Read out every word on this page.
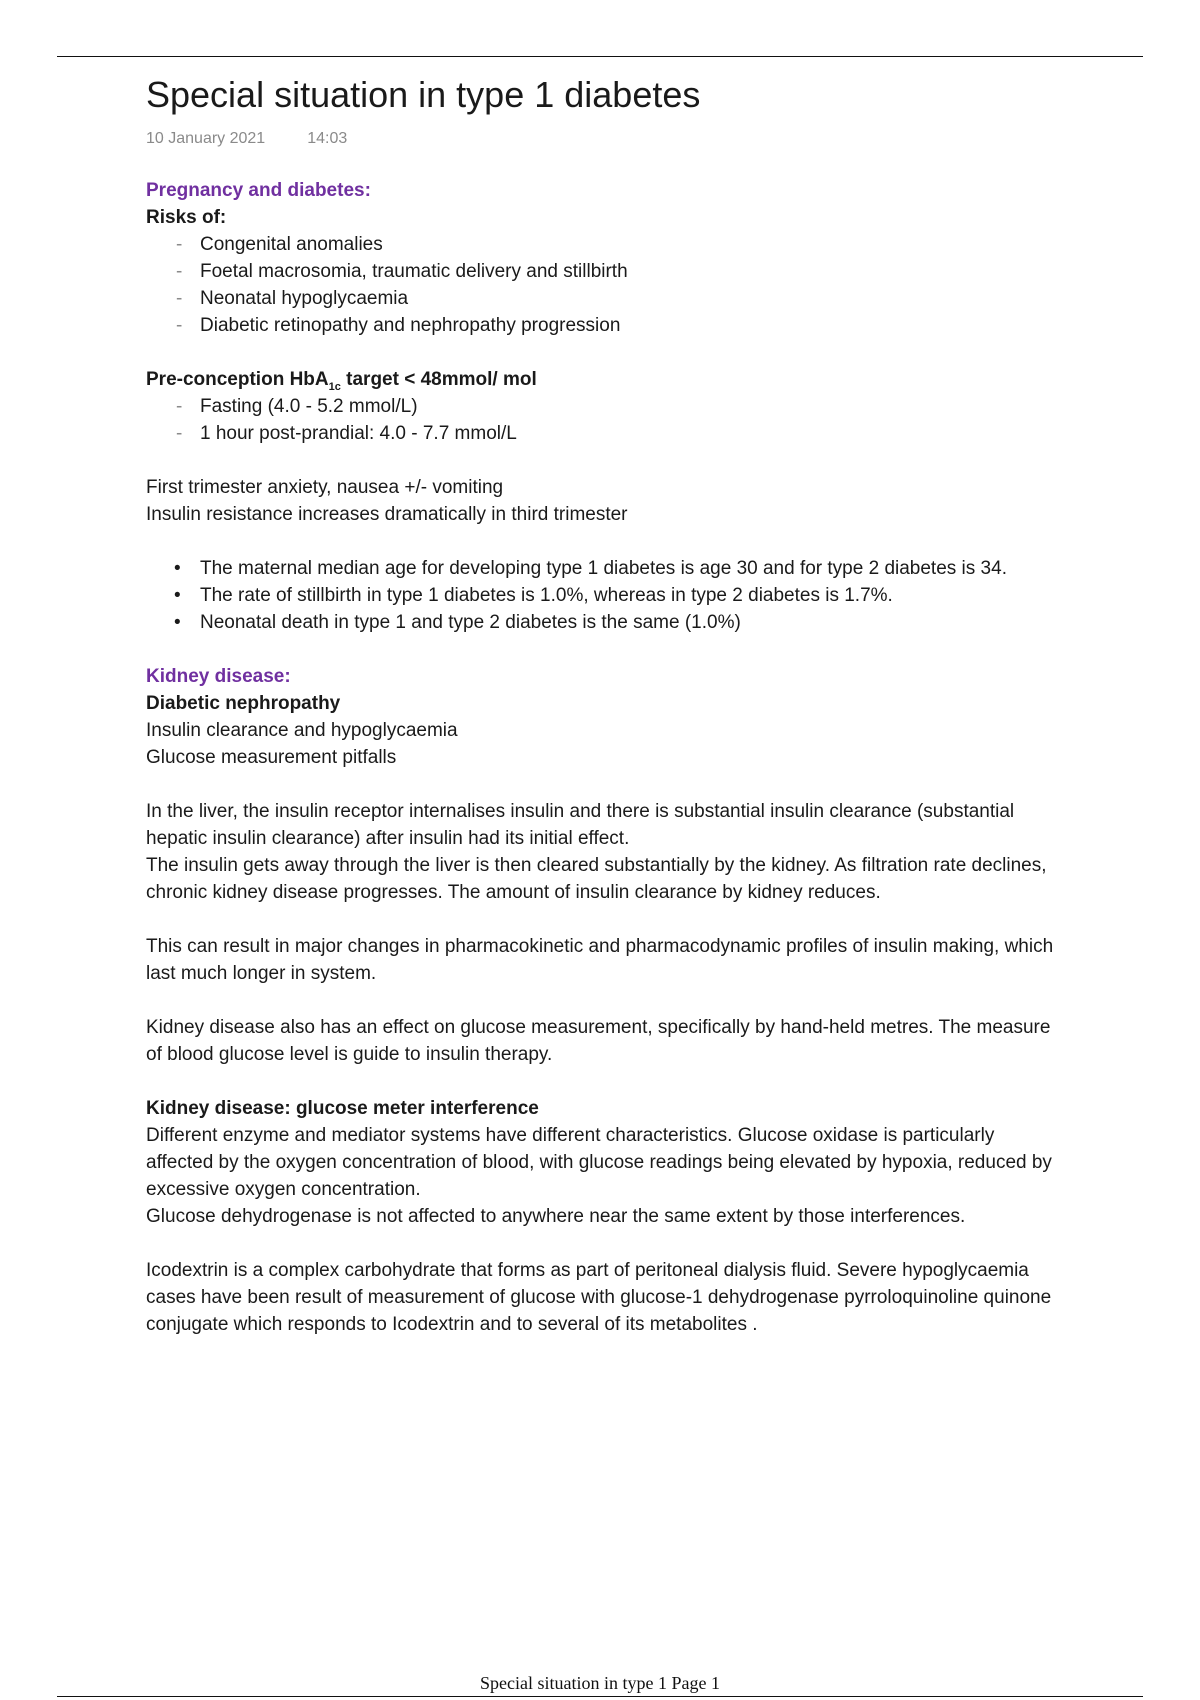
Special situation in type 1 diabetes
10 January 2021	14:03

Pregnancy and diabetes:

Risks of:

- Congenital anomalies
- Foetal macrosomia, traumatic delivery and stillbirth
- Neonatal hypoglycaemia
- Diabetic retinopathy and nephropathy progression

Pre-conception HbA$_{1c}$ target < 48mmol/ mol

- Fasting (4.0 - 5.2 mmol/L)
- 1 hour post-prandial: 4.0 - 7.7 mmol/L

First trimester anxiety, nausea +/- vomiting

Insulin resistance increases dramatically in third trimester

• The maternal median age for developing type 1 diabetes is age 30 and for type 2 diabetes is 34.
• The rate of stillbirth in type 1 diabetes is 1.0%, whereas in type 2 diabetes is 1.7%.
• Neonatal death in type 1 and type 2 diabetes is the same (1.0%)

Kidney disease:

Diabetic nephropathy

Insulin clearance and hypoglycaemia

Glucose measurement pitfalls

In the liver, the insulin receptor internalises insulin and there is substantial insulin clearance (substantial hepatic insulin clearance) after insulin had its initial effect.

The insulin gets away through the liver is then cleared substantially by the kidney. As filtration rate declines, chronic kidney disease progresses. The amount of insulin clearance by kidney reduces.

This can result in major changes in pharmacokinetic and pharmacodynamic profiles of insulin making, which last much longer in system.

Kidney disease also has an effect on glucose measurement, specifically by hand-held metres. The measure of blood glucose level is guide to insulin therapy.

Kidney disease: glucose meter interference

Different enzyme and mediator systems have different characteristics. Glucose oxidase is particularly affected by the oxygen concentration of blood, with glucose readings being elevated by hypoxia, reduced by excessive oxygen concentration.

Glucose dehydrogenase is not affected to anywhere near the same extent by those interferences.

Icodextrin is a complex carbohydrate that forms as part of peritoneal dialysis fluid. Severe hypoglycaemia cases have been result of measurement of glucose with glucose-1 dehydrogenase pyrroloquinoline quinone conjugate which responds to Icodextrin and to several of its metabolites .

Special situation in type 1 Page 1
